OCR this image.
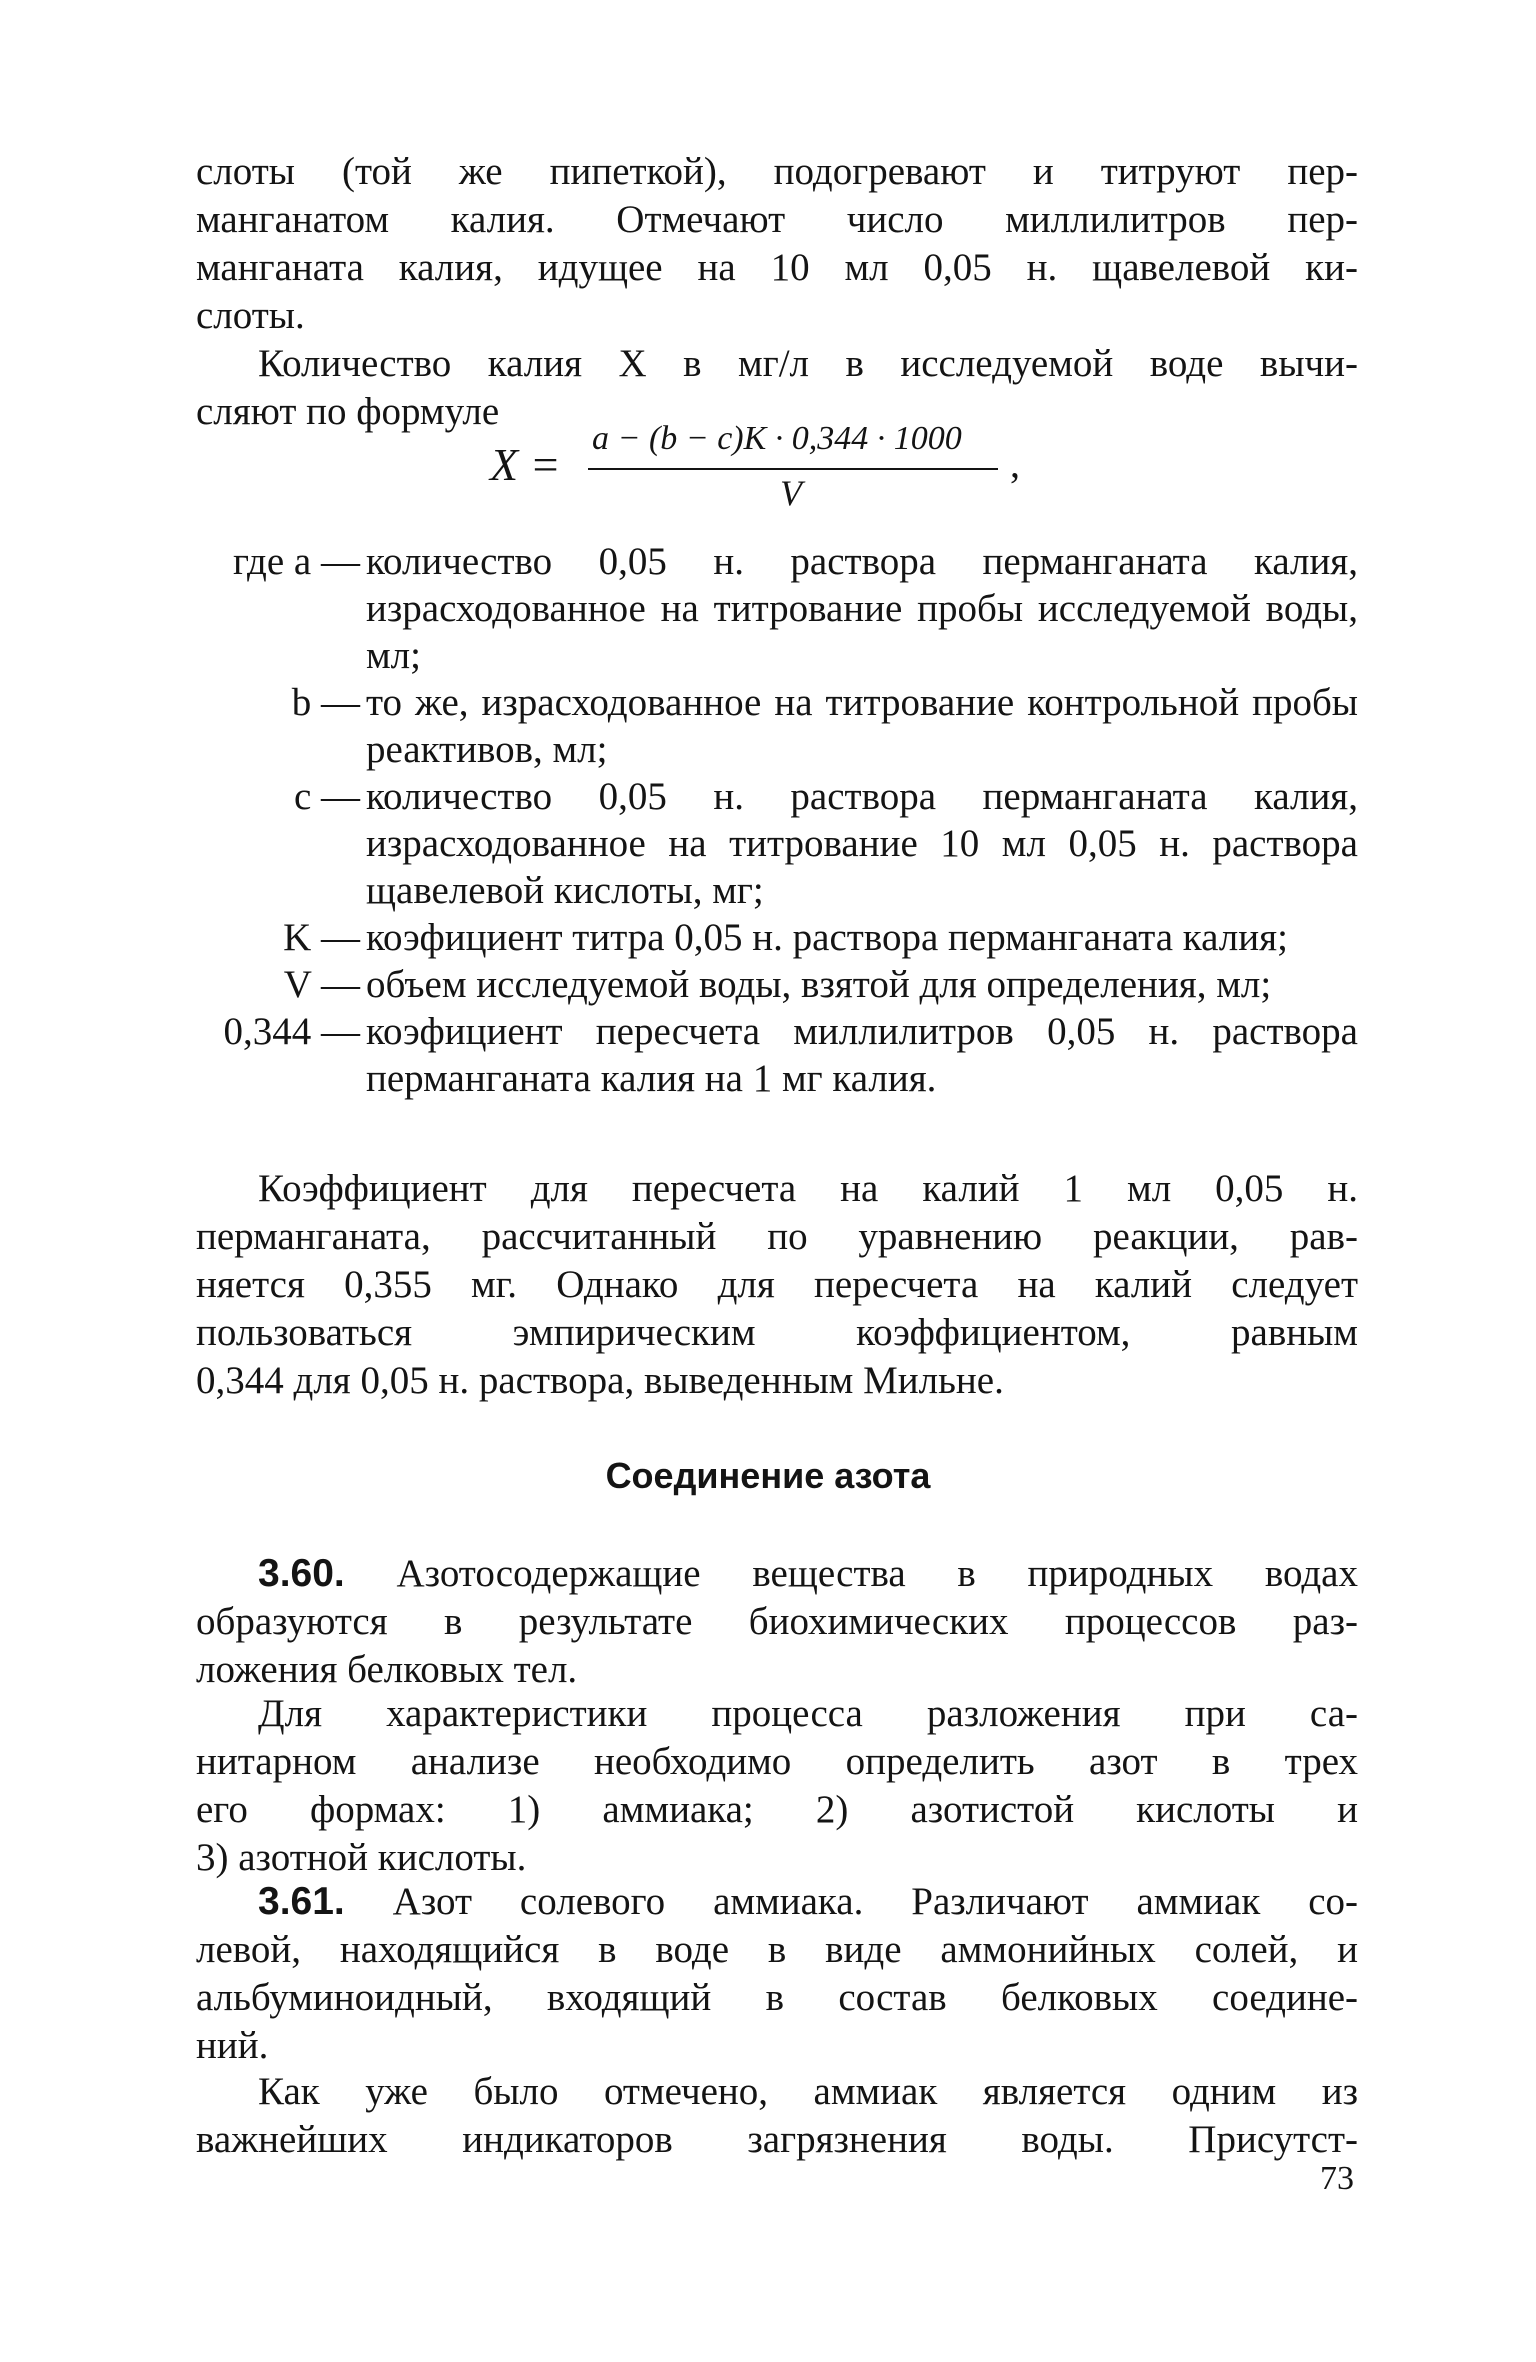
слоты (той же пипеткой), подогревают и титруют пер-

манганатом калия. Отмечают число миллилитров пер-

манганата калия, идущее на 10 мл 0,05 н. щавелевой ки-

слоты.

Количество калия X в мг/л в исследуемой воде вычи-

сляют по формуле

X =
a − (b − c)K · 0,344 · 1000
V
,
где a — количество 0,05 н. раствора перманганата калия, израсходованное на титрование пробы исследуемой воды, мл;
b — то же, израсходованное на титрование контрольной пробы реактивов, мл;
c — количество 0,05 н. раствора перманганата калия, израсходованное на титрование 10 мл 0,05 н. раствора щавелевой кислоты, мг;
K — коэфициент титра 0,05 н. раствора перманганата калия;
V — объем исследуемой воды, взятой для определения, мл;
0,344 — коэфициент пересчета миллилитров 0,05 н. раствора перманганата калия на 1 мг калия.

Коэффициент для пересчета на калий 1 мл 0,05 н.

перманганата, рассчитанный по уравнению реакции, рав-

няется 0,355 мг. Однако для пересчета на калий следует

пользоваться эмпирическим коэффициентом, равным

0,344 для 0,05 н. раствора, выведенным Мильне.

Соединение азота

3.60. Азотосодержащие вещества в природных водах

образуются в результате биохимических процессов раз-

ложения белковых тел.

Для характеристики процесса разложения при са-

нитарном анализе необходимо определить азот в трех

его формах: 1) аммиака; 2) азотистой кислоты и

3) азотной кислоты.

3.61. Азот солевого аммиака. Различают аммиак со-

левой, находящийся в воде в виде аммонийных солей, и

альбуминоидный, входящий в состав белковых соедине-

ний.

Как уже было отмечено, аммиак является одним из

важнейших индикаторов загрязнения воды. Присутст-

73
